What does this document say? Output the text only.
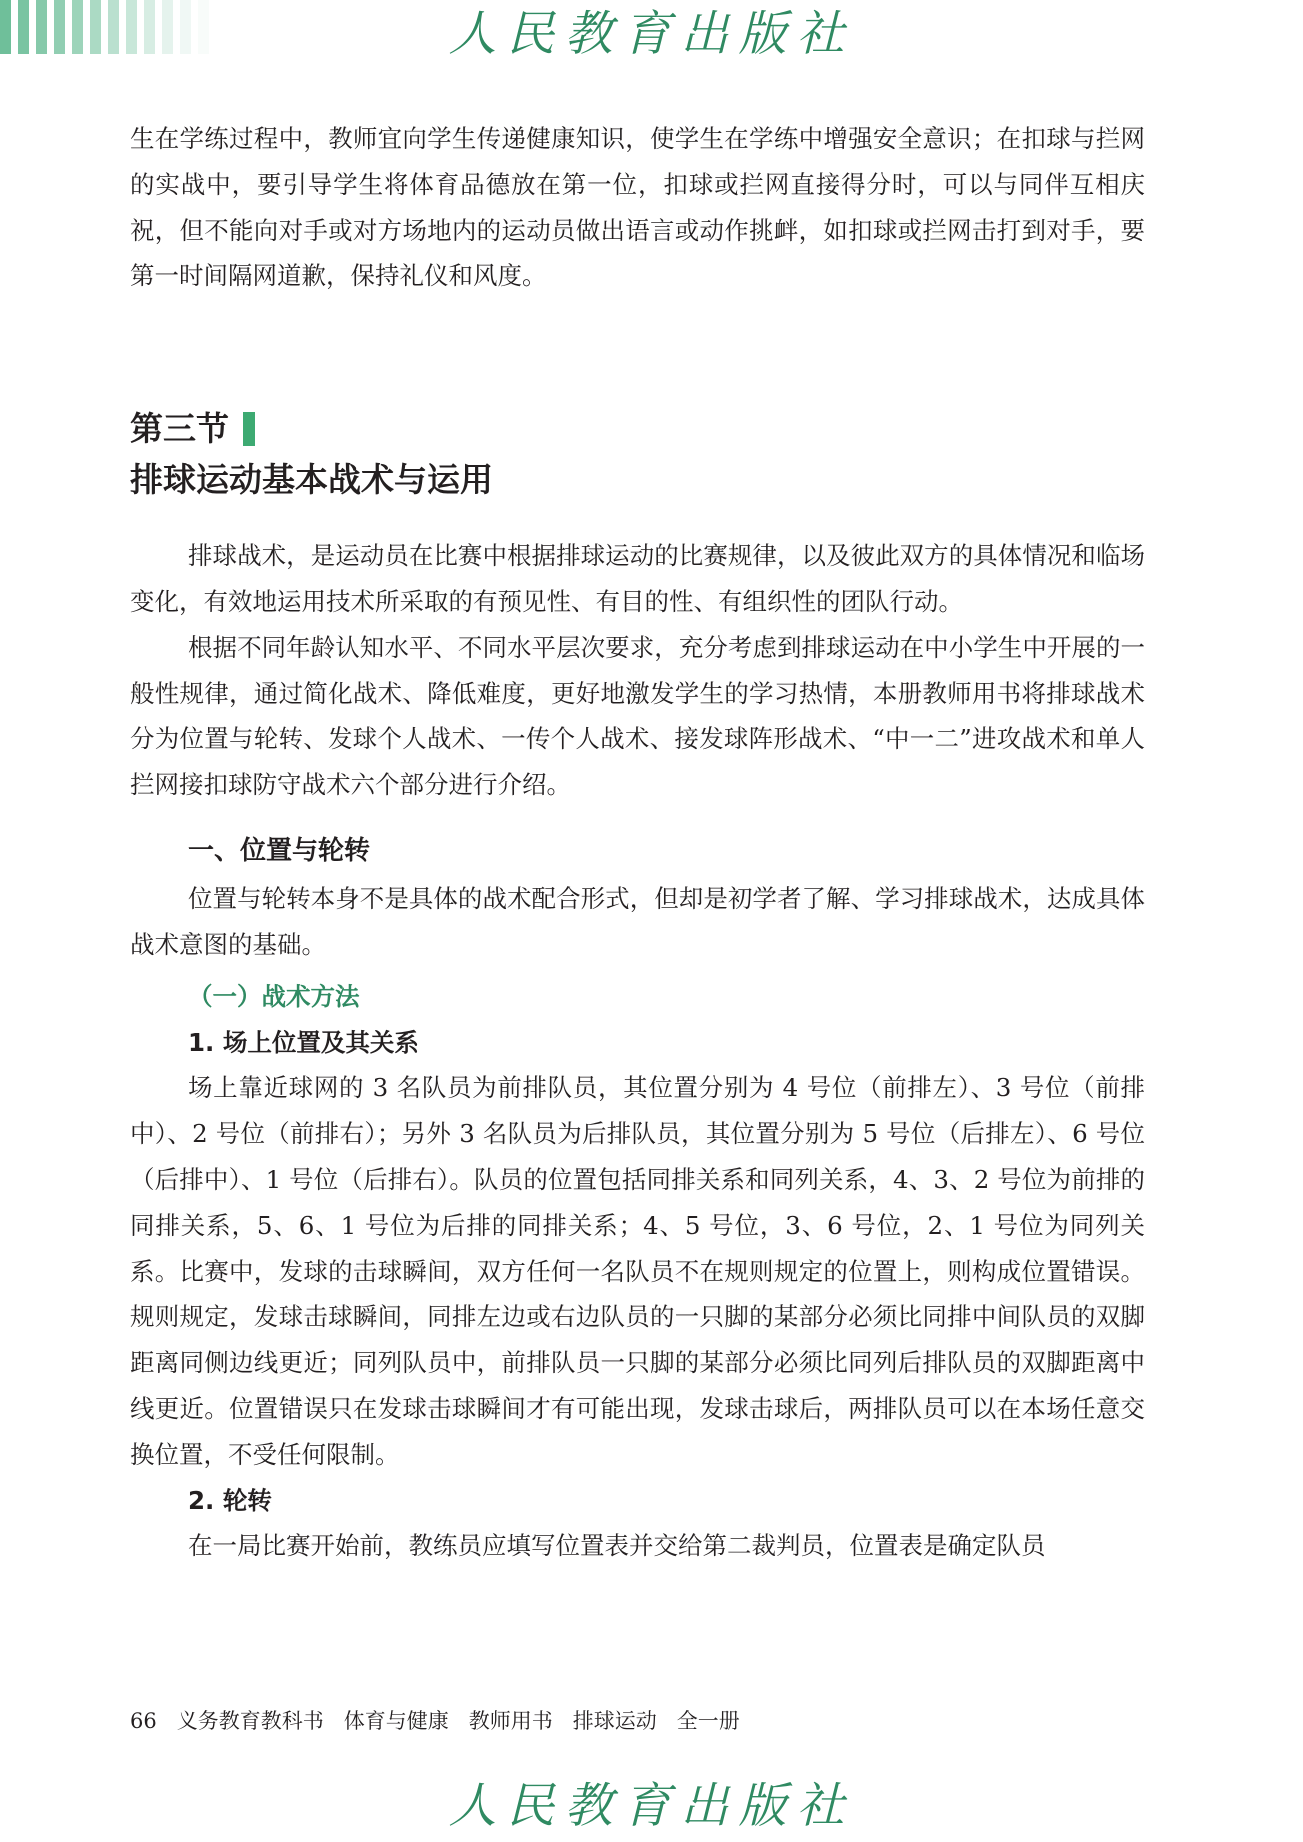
人民教育出版社

生在学练过程中，教师宜向学生传递健康知识，使学生在学练中增强安全意识；在扣球与拦网的实战中，要引导学生将体育品德放在第一位，扣球或拦网直接得分时，可以与同伴互相庆祝，但不能向对手或对方场地内的运动员做出语言或动作挑衅，如扣球或拦网击打到对手，要第一时间隔网道歉，保持礼仪和风度。

第三节
排球运动基本战术与运用

排球战术，是运动员在比赛中根据排球运动的比赛规律，以及彼此双方的具体情况和临场变化，有效地运用技术所采取的有预见性、有目的性、有组织性的团队行动。

根据不同年龄认知水平、不同水平层次要求，充分考虑到排球运动在中小学生中开展的一般性规律，通过简化战术、降低难度，更好地激发学生的学习热情，本册教师用书将排球战术分为位置与轮转、发球个人战术、一传个人战术、接发球阵形战术、“中一二”进攻战术和单人拦网接扣球防守战术六个部分进行介绍。

一、位置与轮转

位置与轮转本身不是具体的战术配合形式，但却是初学者了解、学习排球战术，达成具体战术意图的基础。

（一）战术方法
1. 场上位置及其关系

场上靠近球网的 3 名队员为前排队员，其位置分别为 4 号位（前排左）、3 号位（前排中）、2 号位（前排右）；另外 3 名队员为后排队员，其位置分别为 5 号位（后排左）、6 号位（后排中）、1 号位（后排右）。队员的位置包括同排关系和同列关系，4、3、2 号位为前排的同排关系，5、6、1 号位为后排的同排关系；4、5 号位，3、6 号位，2、1 号位为同列关系。比赛中，发球的击球瞬间，双方任何一名队员不在规则规定的位置上，则构成位置错误。规则规定，发球击球瞬间，同排左边或右边队员的一只脚的某部分必须比同排中间队员的双脚距离同侧边线更近；同列队员中，前排队员一只脚的某部分必须比同列后排队员的双脚距离中线更近。位置错误只在发球击球瞬间才有可能出现，发球击球后，两排队员可以在本场任意交换位置，不受任何限制。

2. 轮转

在一局比赛开始前，教练员应填写位置表并交给第二裁判员，位置表是确定队员

66 义务教育教科书 体育与健康 教师用书 排球运动 全一册
人民教育出版社
